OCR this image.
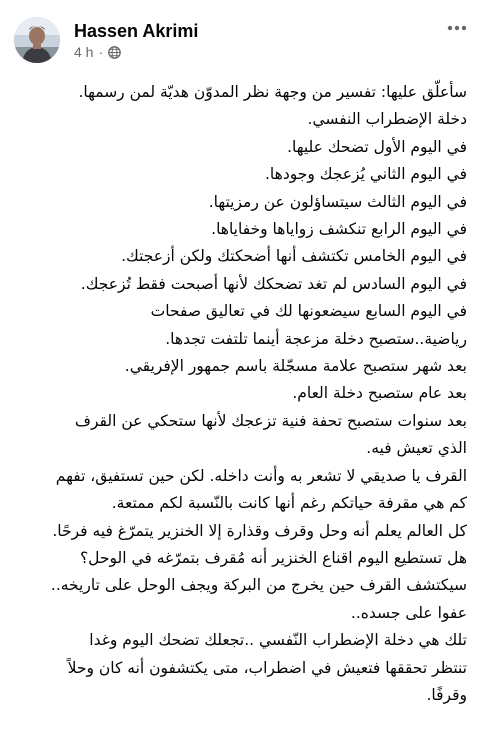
Hassen Akrimi
4 h ·
سأعلّق عليها: تفسير من وجهة نظر المدوّن هديّة لمن رسمها.
دخلة الإضطراب النفسي.
في اليوم الأول تضحك عليها.
في اليوم الثاني يُزعجك وجودها.
في اليوم الثالث سيتساؤلون عن رمزيتها.
في اليوم الرابع تنكشف زواياها وخفاياها.
في اليوم الخامس تكتشف أنها أضحكتك ولكن أزعجتك.
في اليوم السادس لم تغد تضحكك لأنها أصبحت فقط تُزعجك.
في اليوم السابع سيضعونها لك في تعاليق صفحات
رياضية..ستصبح دخلة مزعجة أينما تلتفت تجدها.
بعد شهر ستصبح علامة مسجّلة باسم جمهور الإفريقي.
بعد عام ستصبح دخلة العام.
بعد سنوات ستصبح تحفة فنية تزعجك لأنها ستحكي عن القرف
الذي تعيش فيه.
القرف يا صديقي لا تشعر به وأنت داخله. لكن حين تستفيق، تفهم
كم هي مقرفة حياتكم رغم أنها كانت بالنّسبة لكم ممتعة.
كل العالم يعلم أنه وحل وقرف وقذارة إلا الخنزير يتمرّغ فيه فرحًا.
هل تستطيع اليوم اقناع الخنزير أنه مُقرف بتمرّغه في الوحل؟
سيكتشف القرف حين يخرج من البركة ويجف الوحل على تاريخه..
عفوا على جسده..
تلك هي دخلة الإضطراب النّفسي ..تجعلك تضحك اليوم وغدا
تنتظر تحققها فتعيش في اضطراب، متى يكتشفون أنه كان وحلاً
وقرفًا.
